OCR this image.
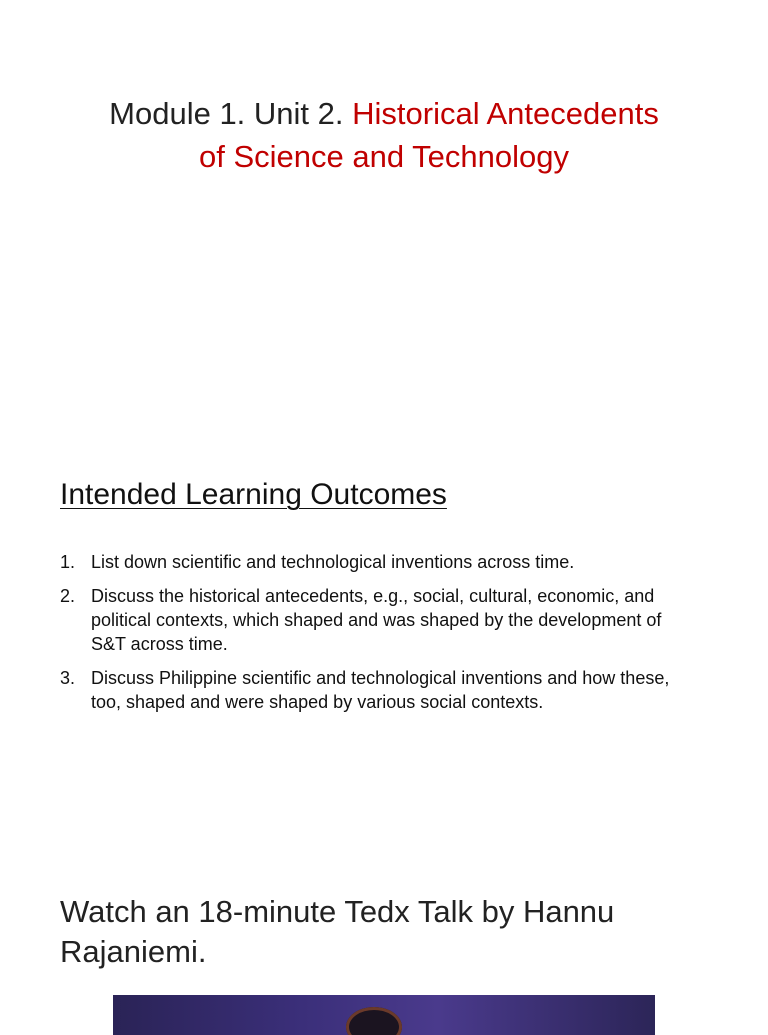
Module 1. Unit 2. Historical Antecedents of Science and Technology
Intended Learning Outcomes
1. List down scientific and technological inventions across time.
2. Discuss the historical antecedents, e.g., social, cultural, economic, and political contexts, which shaped and was shaped by the development of S&T across time.
3. Discuss Philippine scientific and technological inventions and how these, too, shaped and were shaped by various social contexts.
Watch an 18-minute Tedx Talk by Hannu Rajaniemi.
